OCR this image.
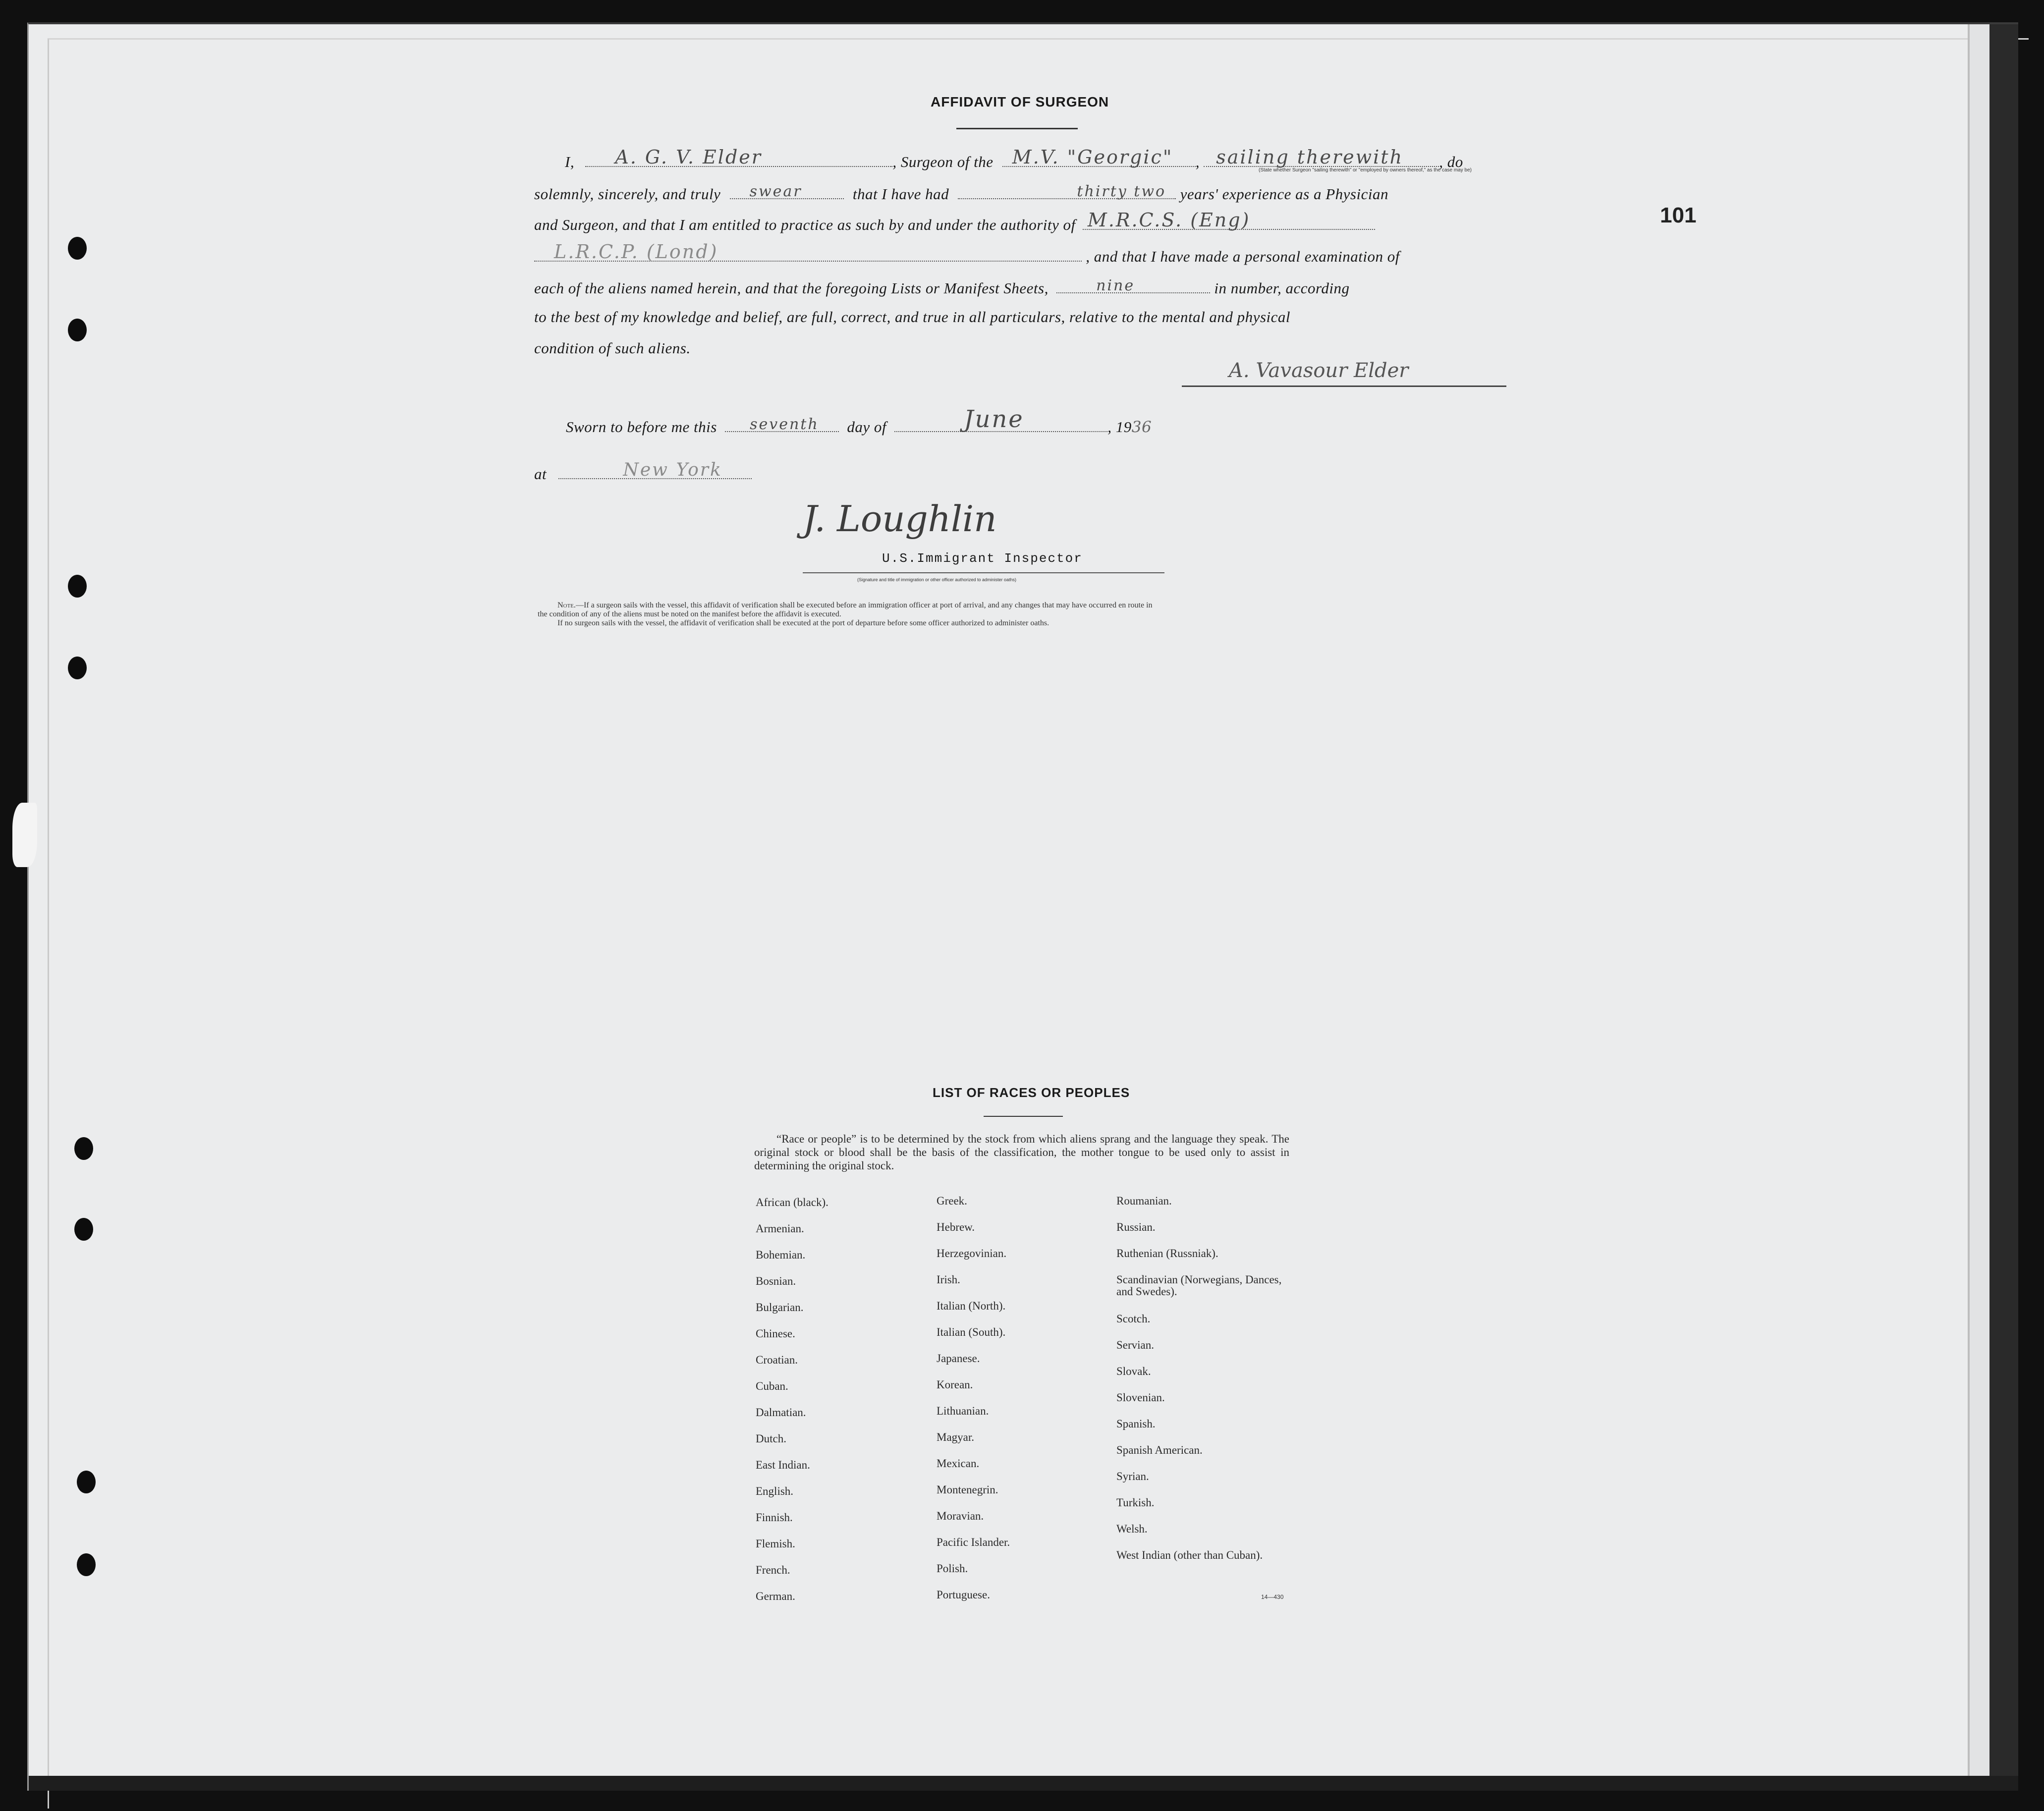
101
AFFIDAVIT OF SURGEON
I, A. G. V. Elder	, Surgeon of the M.V. "Georgic" , sailing therewith , do
(State whether Surgeon "sailing therewith" or "employed by owners thereof," as the case may be)
solemnly, sincerely, and truly swear	that I have had	thirty two years' experience as a Physician
and Surgeon, and that I am entitled to practice as such by and under the authority of M.R.C.S. (Eng)
L.R.C.P. (Lond)	, and that I have made a personal examination of
each of the aliens named herein, and that the foregoing Lists or Manifest Sheets,	nine	in number, according
to the best of my knowledge and belief, are full, correct, and true in all particulars, relative to the mental and physical
condition of such aliens.
A. Vavasour Elder
Sworn to before me this seventh day of	June	, 1936
at	New York
J. Loughlin
U.S.Immigrant Inspector
(Signature and title of immigration or other officer authorized to administer oaths)
Note.—If a surgeon sails with the vessel, this affidavit of verification shall be executed before an immigration officer at port of arrival, and any changes that may have occurred en route in
the condition of any of the aliens must be noted on the manifest before the affidavit is executed.
If no surgeon sails with the vessel, the affidavit of verification shall be executed at the port of departure before some officer authorized to administer oaths.
LIST OF RACES OR PEOPLES
“Race or people” is to be determined by the stock from which aliens sprang and the language they speak. The original stock or blood shall be the basis of the classification, the mother tongue to be used only to assist in determining the original stock.
African (black).
Armenian.
Bohemian.
Bosnian.
Bulgarian.
Chinese.
Croatian.
Cuban.
Dalmatian.
Dutch.
East Indian.
English.
Finnish.
Flemish.
French.
German.
Greek.
Hebrew.
Herzegovinian.
Irish.
Italian (North).
Italian (South).
Japanese.
Korean.
Lithuanian.
Magyar.
Mexican.
Montenegrin.
Moravian.
Pacific Islander.
Polish.
Portuguese.
Roumanian.
Russian.
Ruthenian (Russniak).
Scandinavian (Norwegians, Dances, and Swedes).
Scotch.
Servian.
Slovak.
Slovenian.
Spanish.
Spanish American.
Syrian.
Turkish.
Welsh.
West Indian (other than Cuban).
14—430
